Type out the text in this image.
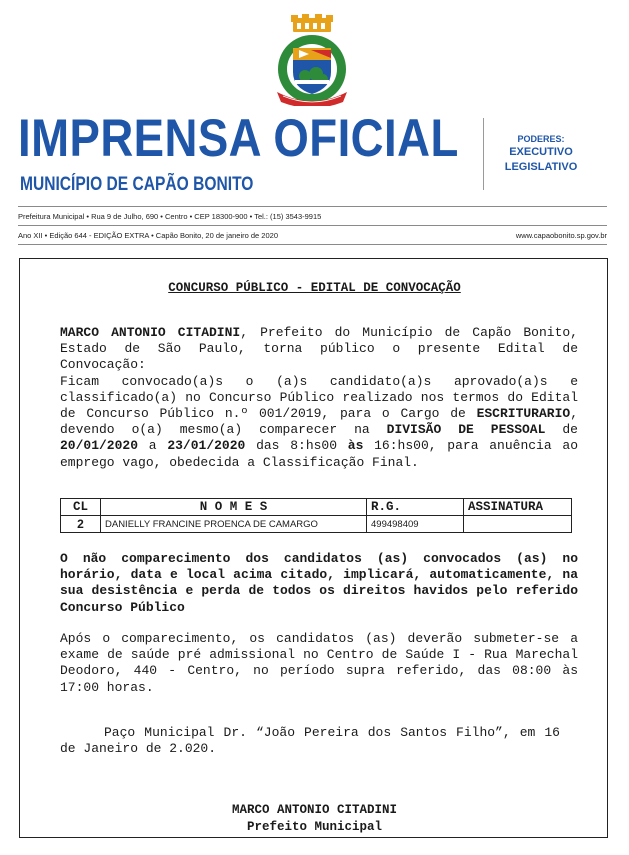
IMPRENSA OFICIAL
MUNICÍPIO DE CAPÃO BONITO
PODERES:
EXECUTIVO
LEGISLATIVO
Prefeitura Municipal • Rua 9 de Julho, 690 • Centro • CEP 18300-900 • Tel.: (15) 3543-9915
Ano XII • Edição 644 - EDIÇÃO EXTRA • Capão Bonito, 20 de janeiro de 2020	www.capaobonito.sp.gov.br
CONCURSO PÚBLICO - EDITAL DE CONVOCAÇÃO
MARCO ANTONIO CITADINI, Prefeito do Município de Capão Bonito, Estado de São Paulo, torna público o presente Edital de Convocação:
Ficam convocado(a)s o (a)s candidato(a)s aprovado(a)s e classificado(a) no Concurso Público realizado nos termos do Edital de Concurso Público n.º 001/2019, para o Cargo de ESCRITURARIO, devendo o(a) mesmo(a) comparecer na DIVISÃO DE PESSOAL de 20/01/2020 a 23/01/2020 das 8:hs00 às 16:hs00, para anuência ao emprego vago, obedecida a Classificação Final.
CL	N O M E S	R.G.	ASSINATURA
2	DANIELLY FRANCINE PROENCA DE CAMARGO	499498409	
O não comparecimento dos candidatos (as) convocados (as) no horário, data e local acima citado, implicará, automaticamente, na sua desistência e perda de todos os direitos havidos pelo referido Concurso Público
Após o comparecimento, os candidatos (as) deverão submeter-se a exame de saúde pré admissional no Centro de Saúde I - Rua Marechal Deodoro, 440 - Centro, no período supra referido, das 08:00 às 17:00 horas.
Paço Municipal Dr. “João Pereira dos Santos Filho”, em 16 de Janeiro de 2.020.
MARCO ANTONIO CITADINI
Prefeito Municipal
